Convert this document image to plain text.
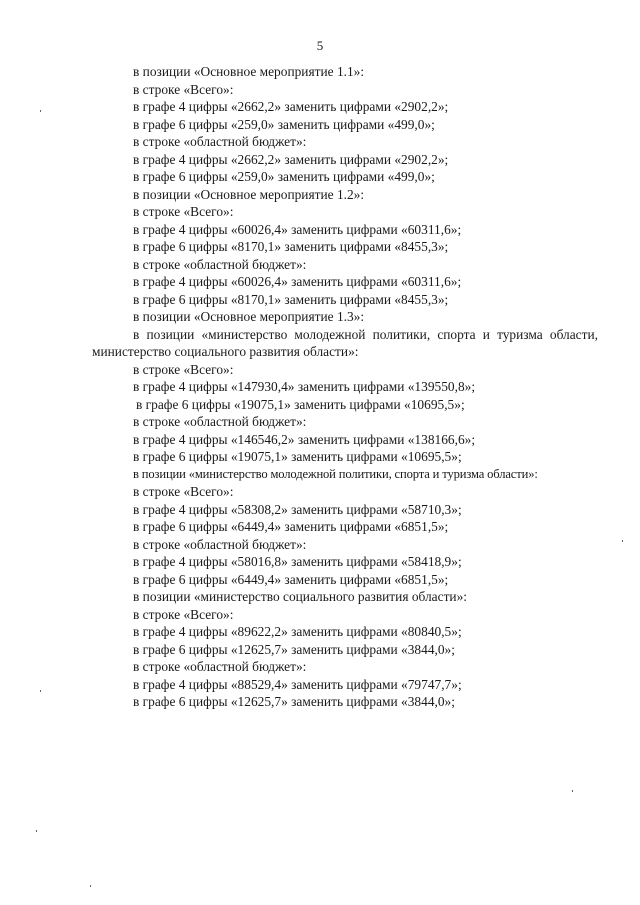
5
в позиции «Основное мероприятие 1.1»:
в строке «Всего»:
в графе 4 цифры «2662,2» заменить цифрами «2902,2»;
в графе 6 цифры «259,0» заменить цифрами «499,0»;
в строке «областной бюджет»:
в графе 4 цифры «2662,2» заменить цифрами «2902,2»;
в графе 6 цифры «259,0» заменить цифрами «499,0»;
в позиции «Основное мероприятие 1.2»:
в строке «Всего»:
в графе 4 цифры «60026,4» заменить цифрами «60311,6»;
в графе 6 цифры «8170,1» заменить цифрами «8455,3»;
в строке «областной бюджет»:
в графе 4 цифры «60026,4» заменить цифрами «60311,6»;
в графе 6 цифры «8170,1» заменить цифрами «8455,3»;
в позиции «Основное мероприятие 1.3»:
в позиции «министерство молодежной политики, спорта и туризма области, министерство социального развития области»:
в строке «Всего»:
в графе 4 цифры «147930,4» заменить цифрами «139550,8»;
в графе 6 цифры «19075,1» заменить цифрами «10695,5»;
в строке «областной бюджет»:
в графе 4 цифры «146546,2» заменить цифрами «138166,6»;
в графе 6 цифры «19075,1» заменить цифрами «10695,5»;
в позиции «министерство молодежной политики, спорта и туризма области»:
в строке «Всего»:
в графе 4 цифры «58308,2» заменить цифрами «58710,3»;
в графе 6 цифры «6449,4» заменить цифрами «6851,5»;
в строке «областной бюджет»:
в графе 4 цифры «58016,8» заменить цифрами «58418,9»;
в графе 6 цифры «6449,4» заменить цифрами «6851,5»;
в позиции «министерство социального развития области»:
в строке «Всего»:
в графе 4 цифры «89622,2» заменить цифрами «80840,5»;
в графе 6 цифры «12625,7» заменить цифрами «3844,0»;
в строке «областной бюджет»:
в графе 4 цифры «88529,4» заменить цифрами «79747,7»;
в графе 6 цифры «12625,7» заменить цифрами «3844,0»;
